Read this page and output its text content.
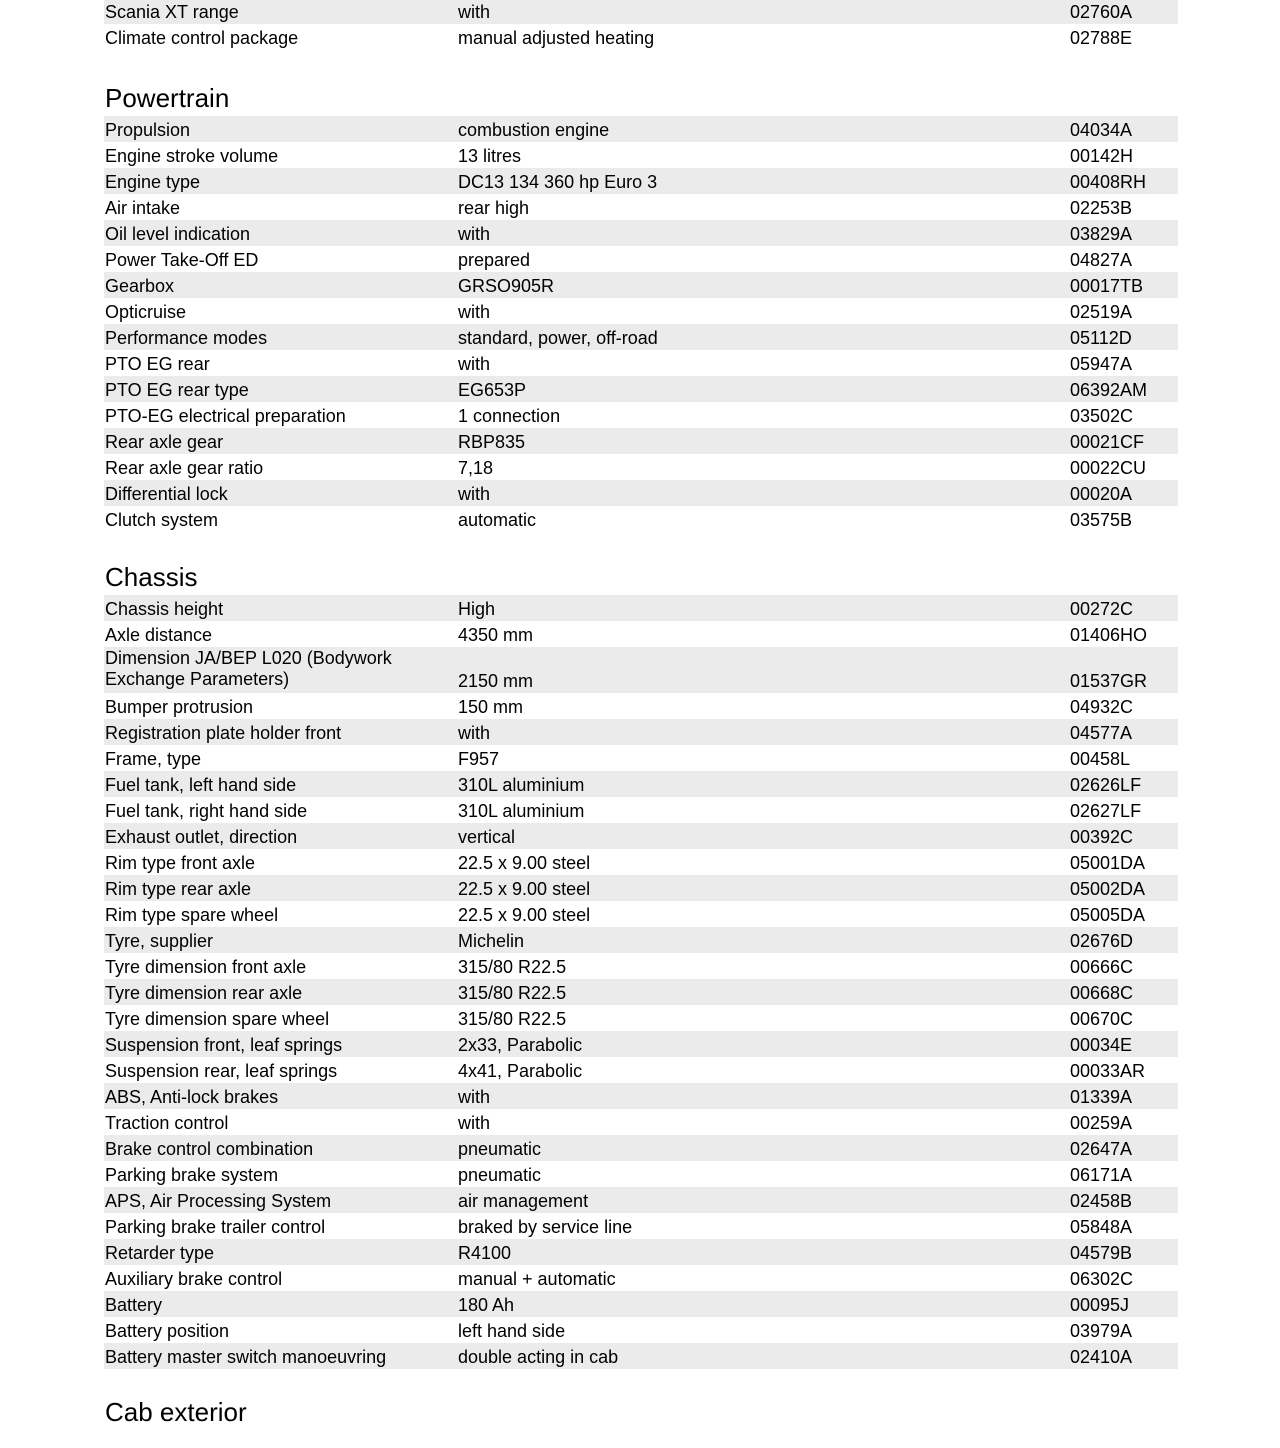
Scania XT range	with	02760A
Climate control package	manual adjusted heating	02788E
Powertrain
Propulsion	combustion engine	04034A
Engine stroke volume	13 litres	00142H
Engine type	DC13 134 360 hp Euro 3	00408RH
Air intake	rear high	02253B
Oil level indication	with	03829A
Power Take-Off ED	prepared	04827A
Gearbox	GRSO905R	00017TB
Opticruise	with	02519A
Performance modes	standard, power, off-road	05112D
PTO EG rear	with	05947A
PTO EG rear type	EG653P	06392AM
PTO-EG electrical preparation	1 connection	03502C
Rear axle gear	RBP835	00021CF
Rear axle gear ratio	7,18	00022CU
Differential lock	with	00020A
Clutch system	automatic	03575B
Chassis
Chassis height	High	00272C
Axle distance	4350 mm	01406HO
Dimension JA/BEP L020 (Bodywork Exchange Parameters)	2150 mm	01537GR
Bumper protrusion	150 mm	04932C
Registration plate holder front	with	04577A
Frame, type	F957	00458L
Fuel tank, left hand side	310L aluminium	02626LF
Fuel tank, right hand side	310L aluminium	02627LF
Exhaust outlet, direction	vertical	00392C
Rim type front axle	22.5 x 9.00 steel	05001DA
Rim type rear axle	22.5 x 9.00 steel	05002DA
Rim type spare wheel	22.5 x 9.00 steel	05005DA
Tyre, supplier	Michelin	02676D
Tyre dimension front axle	315/80 R22.5	00666C
Tyre dimension rear axle	315/80 R22.5	00668C
Tyre dimension spare wheel	315/80 R22.5	00670C
Suspension front, leaf springs	2x33, Parabolic	00034E
Suspension rear, leaf springs	4x41, Parabolic	00033AR
ABS, Anti-lock brakes	with	01339A
Traction control	with	00259A
Brake control combination	pneumatic	02647A
Parking brake system	pneumatic	06171A
APS, Air Processing System	air management	02458B
Parking brake trailer control	braked by service line	05848A
Retarder type	R4100	04579B
Auxiliary brake control	manual + automatic	06302C
Battery	180 Ah	00095J
Battery position	left hand side	03979A
Battery master switch manoeuvring	double acting in cab	02410A
Cab exterior
